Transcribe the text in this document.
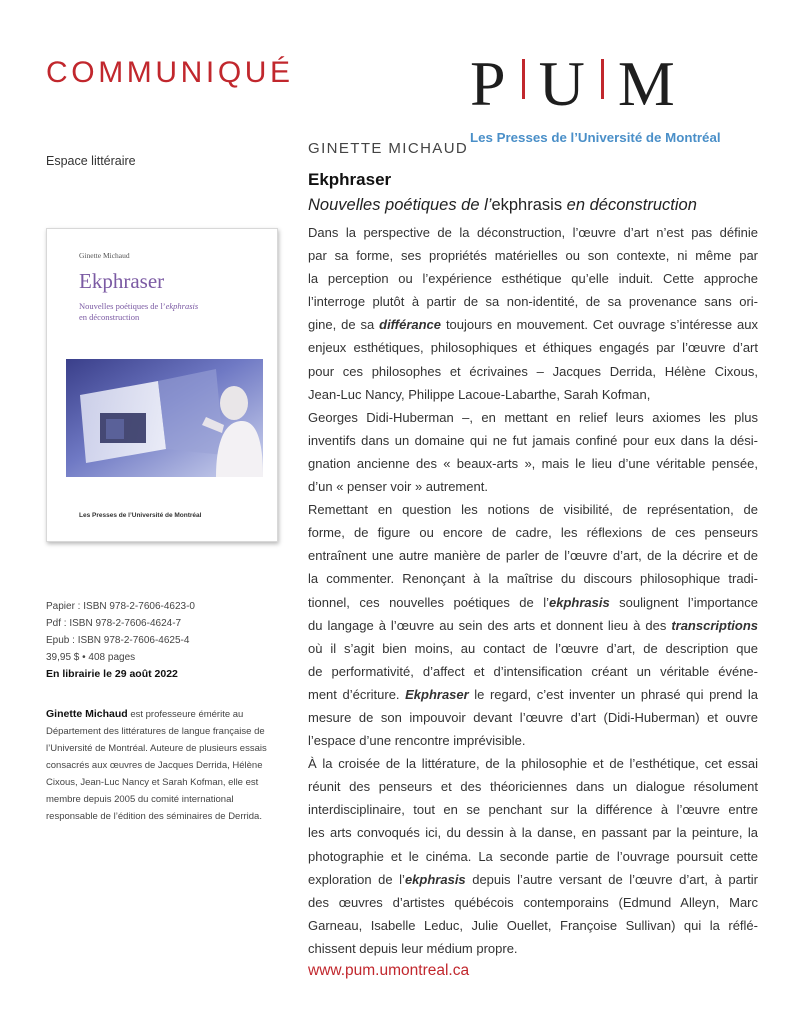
COMMUNIQUÉ	P U M
Les Presses de l’Université de Montréal
Espace littéraire
Ginette Michaud
Ekphraser
Nouvelles poétiques de l’ekphrasis
en déconstruction
Les Presses de l’Université de Montréal
Papier : ISBN 978-2-7606-4623-0
Pdf : ISBN 978-2-7606-4624-7
Epub : ISBN 978-2-7606-4625-4
39,95 $ • 408 pages
En librairie le 29 août 2022
Ginette Michaud est professeure émérite au Département des littératures de langue française de l’Université de Montréal. Auteure de plusieurs essais consacrés aux œuvres de Jacques Derrida, Hélène Cixous, Jean-Luc Nancy et Sarah Kofman, elle est membre depuis 2005 du comité international responsable de l’édition des séminaires de Derrida.
GINETTE MICHAUD
Ekphraser
Nouvelles poétiques de l’ekphrasis en déconstruction
Dans la perspective de la déconstruction, l’œuvre d’art n’est pas définie
par sa forme, ses propriétés matérielles ou son contexte, ni même par
la perception ou l’expérience esthétique qu’elle induit. Cette approche
l’interroge plutôt à partir de sa non-identité, de sa provenance sans ori-
gine, de sa différance toujours en mouvement. Cet ouvrage s’intéresse aux
enjeux esthétiques, philosophiques et éthiques engagés par l’œuvre d’art
pour ces philosophes et écrivaines – Jacques Derrida, Hélène Cixous,
Jean-Luc Nancy, Philippe Lacoue-Labarthe, Sarah Kofman,
Georges Didi-Huberman –, en mettant en relief leurs axiomes les plus
inventifs dans un domaine qui ne fut jamais confiné pour eux dans la dési-
gnation ancienne des « beaux-arts », mais le lieu d’une véritable pensée,
d’un « penser voir » autrement.
Remettant en question les notions de visibilité, de représentation, de
forme, de figure ou encore de cadre, les réflexions de ces penseurs
entraînent une autre manière de parler de l’œuvre d’art, de la décrire et de
la commenter. Renonçant à la maîtrise du discours philosophique tradi-
tionnel, ces nouvelles poétiques de l’ekphrasis soulignent l’importance
du langage à l’œuvre au sein des arts et donnent lieu à des transcriptions
où il s’agit bien moins, au contact de l’œuvre d’art, de description que
de performativité, d’affect et d’intensification créant un véritable événe-
ment d’écriture. Ekphraser le regard, c’est inventer un phrasé qui prend la
mesure de son impouvoir devant l’œuvre d’art (Didi-Huberman) et ouvre
l’espace d’une rencontre imprévisible.
À la croisée de la littérature, de la philosophie et de l’esthétique, cet essai
réunit des penseurs et des théoriciennes dans un dialogue résolument
interdisciplinaire, tout en se penchant sur la différence à l’œuvre entre
les arts convoqués ici, du dessin à la danse, en passant par la peinture, la
photographie et le cinéma. La seconde partie de l’ouvrage poursuit cette
exploration de l’ekphrasis depuis l’autre versant de l’œuvre d’art, à partir
des œuvres d’artistes québécois contemporains (Edmund Alleyn, Marc
Garneau, Isabelle Leduc, Julie Ouellet, Françoise Sullivan) qui la réflé-
chissent depuis leur médium propre.
www.pum.umontreal.ca
